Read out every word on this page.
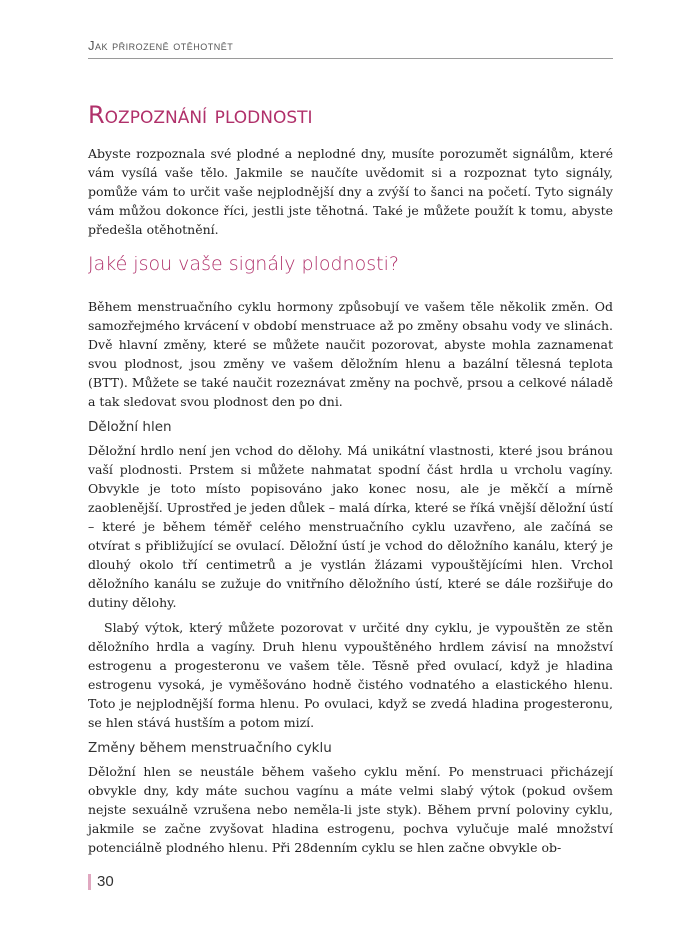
Jak přirozeně otěhotnět
Rozpoznání plodnosti

Abyste rozpoznala své plodné a neplodné dny, musíte porozumět signálům, které vám vysílá vaše tělo. Jakmile se naučíte uvědomit si a rozpoznat tyto signály, pomůže vám to určit vaše nejplodnější dny a zvýší to šanci na početí. Tyto signály vám můžou dokonce říci, jestli jste těhotná. Také je můžete použít k tomu, abyste předešla otěhotnění.

Jaké jsou vaše signály plodnosti?

Během menstruačního cyklu hormony způsobují ve vašem těle několik změn. Od samozřejmého krvácení v období menstruace až po změny obsahu vody ve slinách. Dvě hlavní změny, které se můžete naučit pozorovat, abyste mohla zaznamenat svou plodnost, jsou změny ve vašem děložním hlenu a bazální tělesná teplota (BTT). Můžete se také naučit rozeznávat změny na pochvě, prsou a celkové náladě a tak sledovat svou plodnost den po dni.

Děložní hlen

Děložní hrdlo není jen vchod do dělohy. Má unikátní vlastnosti, které jsou bránou vaší plodnosti. Prstem si můžete nahmatat spodní část hrdla u vrcholu vagíny. Obvykle je toto místo popisováno jako konec nosu, ale je měkčí a mírně zaoblenější. Uprostřed je jeden důlek – malá dírka, které se říká vnější děložní ústí – které je během téměř celého menstruačního cyklu uzavřeno, ale začíná se otvírat s přibližující se ovulací. Děložní ústí je vchod do děložního kanálu, který je dlouhý okolo tří centimetrů a je vystlán žlázami vypouštějícími hlen. Vrchol děložního kanálu se zužuje do vnitřního děložního ústí, které se dále rozšiřuje do dutiny dělohy.

Slabý výtok, který můžete pozorovat v určité dny cyklu, je vypouštěn ze stěn děložního hrdla a vagíny. Druh hlenu vypouštěného hrdlem závisí na množství estrogenu a progesteronu ve vašem těle. Těsně před ovulací, když je hladina estrogenu vysoká, je vyměšováno hodně čistého vodnatého a elastického hlenu. Toto je nejplodnější forma hlenu. Po ovulaci, když se zvedá hladina progesteronu, se hlen stává hustším a potom mizí.

Změny během menstruačního cyklu

Děložní hlen se neustále během vašeho cyklu mění. Po menstruaci přicházejí obvykle dny, kdy máte suchou vagínu a máte velmi slabý výtok (pokud ovšem nejste sexuálně vzrušena nebo neměla-li jste styk). Během první poloviny cyklu, jakmile se začne zvyšovat hladina estrogenu, pochva vylučuje malé množství potenciálně plodného hlenu. Při 28denním cyklu se hlen začne obvykle ob-

30
